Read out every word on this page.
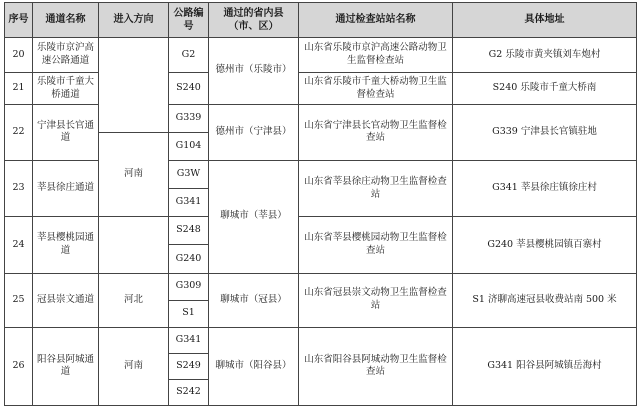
序号	通道名称	进入方向	公路编号	通过的省内县（市、区）	通过检查站站名称	具体地址
20	乐陵市京沪高速公路通道		G2	德州市（乐陵市）	山东省乐陵市京沪高速公路动物卫生监督检查站	G2 乐陵市黄夹镇刘车炮村
21	乐陵市千童大桥通道		S240		山东省乐陵市千童大桥动物卫生监督检查站	S240 乐陵市千童大桥南
22	宁津县长官通道		G339	德州市（宁津县）	山东省宁津县长官动物卫生监督检查站	G339 宁津县长官镇驻地
		河南	G104			
23	莘县徐庄通道		G3W	聊城市（莘县）	山东省莘县徐庄动物卫生监督检查站	G341 莘县徐庄镇徐庄村
			G341			
24	莘县樱桃园通道		S248		山东省莘县樱桃园动物卫生监督检查站	G240 莘县樱桃园镇百寨村
			G240			
25	冠县崇文通道	河北	G309	聊城市（冠县）	山东省冠县崇文动物卫生监督检查站	S1 济聊高速冠县收费站南 500 米
			S1			
26	阳谷县阿城通道	河南	G341	聊城市（阳谷县）	山东省阳谷县阿城动物卫生监督检查站	G341 阳谷县阿城镇岳海村
			S249			
			S242			
